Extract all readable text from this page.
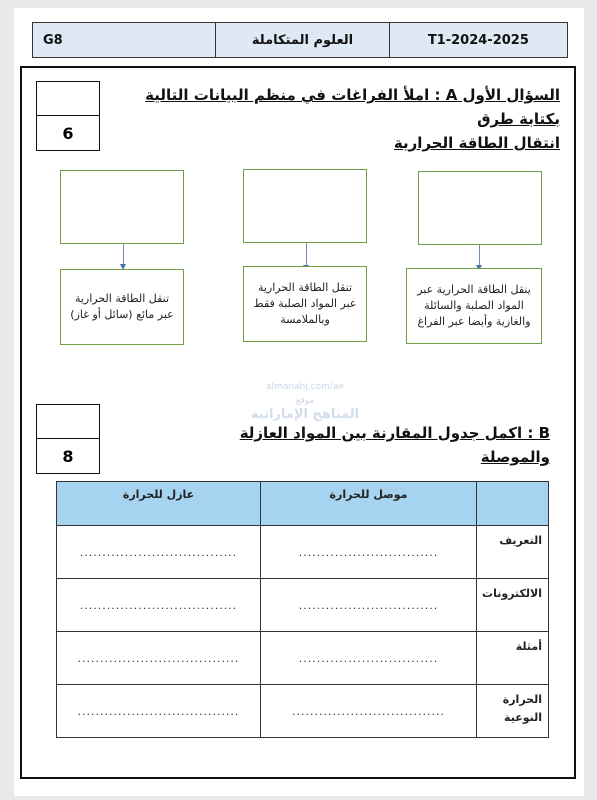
G8	العلوم المتكاملة	T1-2024-2025
6
السؤال الأول A : املأ الفراغات في منظم البيانات التالية بكتابة طرق
انتقال الطاقة الحرارية
تنقل الطاقة الحرارية عبر مائع (سائل أو غاز)
تنقل الطاقة الحرارية عبر المواد الصلبة فقط وبالملامسة
ينقل الطاقة الحرارية عبر المواد الصلبة والسائلة والغازية وأيضا عبر الفراغ
almanahj.com/ae
موقع
المناهج الإماراتية
8
B : اكمل جدول المقارنة بين المواد العازلة والموصلة
	موصل للحرارة	عازل للحرارة
التعريف	...............................	...................................
الالكترونات	...............................	...................................
أمثلة	...............................	....................................
الحرارة النوعية	..................................	....................................
